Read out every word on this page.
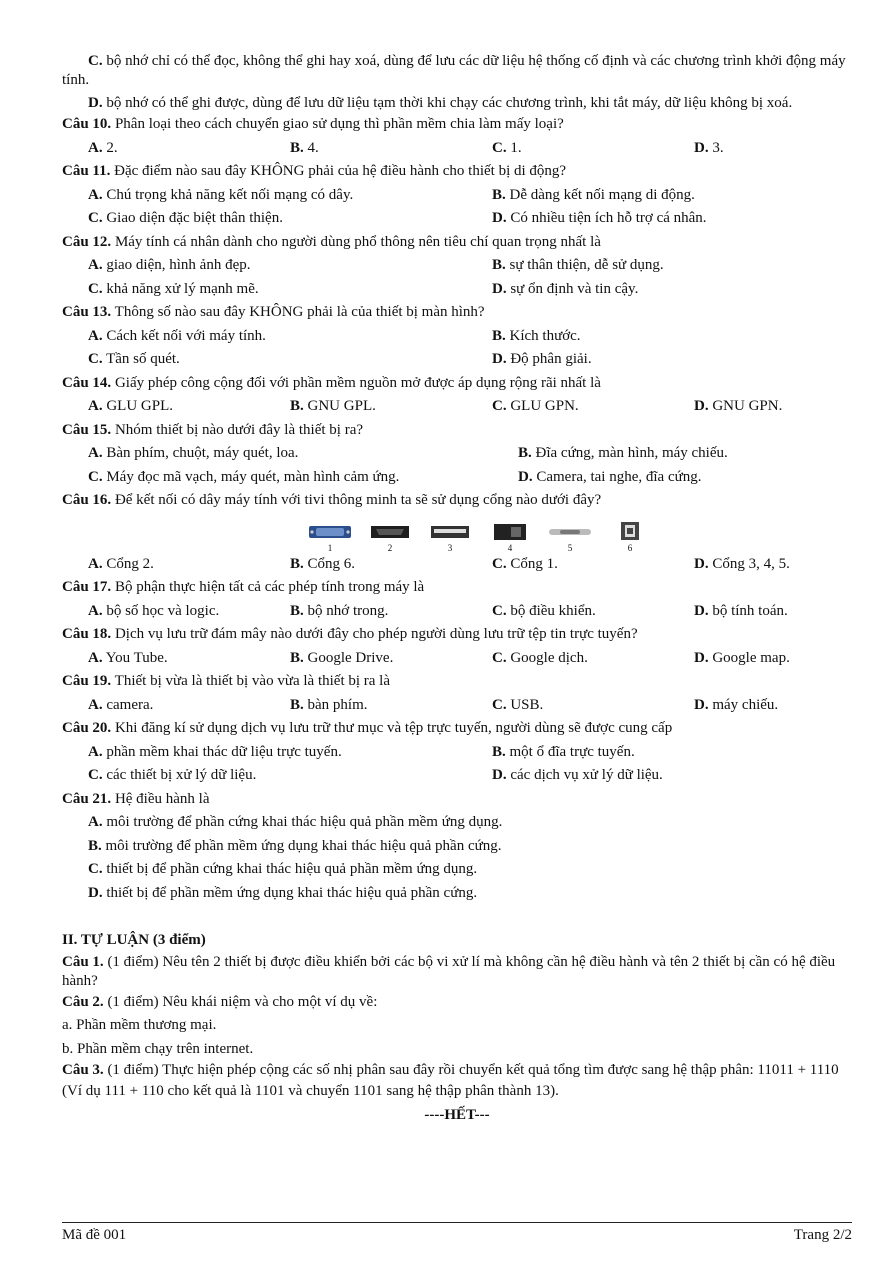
C. bộ nhớ chỉ có thể đọc, không thể ghi hay xoá, dùng để lưu các dữ liệu hệ thống cố định và các chương trình khởi động máy tính.
D. bộ nhớ có thể ghi được, dùng để lưu dữ liệu tạm thời khi chạy các chương trình, khi tắt máy, dữ liệu không bị xoá.
Câu 10. Phân loại theo cách chuyển giao sử dụng thì phần mềm chia làm mấy loại?
A. 2.	B. 4.	C. 1.	D. 3.
Câu 11. Đặc điểm nào sau đây KHÔNG phải của hệ điều hành cho thiết bị di động?
A. Chú trọng khả năng kết nối mạng có dây.	B. Dễ dàng kết nối mạng di động.
C. Giao diện đặc biệt thân thiện.	D. Có nhiều tiện ích hỗ trợ cá nhân.
Câu 12. Máy tính cá nhân dành cho người dùng phổ thông nên tiêu chí quan trọng nhất là
A. giao diện, hình ảnh đẹp.	B. sự thân thiện, dễ sử dụng.
C. khả năng xử lý mạnh mẽ.	D. sự ổn định và tin cậy.
Câu 13. Thông số nào sau đây KHÔNG phải là của thiết bị màn hình?
A. Cách kết nối với máy tính.	B. Kích thước.
C. Tần số quét.	D. Độ phân giải.
Câu 14. Giấy phép công cộng đối với phần mềm nguồn mở được áp dụng rộng rãi nhất là
A. GLU GPL.	B. GNU GPL.	C. GLU GPN.	D. GNU GPN.
Câu 15. Nhóm thiết bị nào dưới đây là thiết bị ra?
A. Bàn phím, chuột, máy quét, loa.	B. Đĩa cứng, màn hình, máy chiếu.
C. Máy đọc mã vạch, máy quét, màn hình cảm ứng.	D. Camera, tai nghe, đĩa cứng.
Câu 16. Để kết nối có dây máy tính với tivi thông minh ta sẽ sử dụng cổng nào dưới đây?
1	2	3	4	5	6
A. Cổng 2.	B. Cổng 6.	C. Cổng 1.	D. Cổng 3, 4, 5.
Câu 17. Bộ phận thực hiện tất cả các phép tính trong máy là
A. bộ số học và logic.	B. bộ nhớ trong.	C. bộ điều khiển.	D. bộ tính toán.
Câu 18. Dịch vụ lưu trữ đám mây nào dưới đây cho phép người dùng lưu trữ tệp tin trực tuyến?
A. You Tube.	B. Google Drive.	C. Google dịch.	D. Google map.
Câu 19. Thiết bị vừa là thiết bị vào vừa là thiết bị ra là
A. camera.	B. bàn phím.	C. USB.	D. máy chiếu.
Câu 20. Khi đăng kí sử dụng dịch vụ lưu trữ thư mục và tệp trực tuyến, người dùng sẽ được cung cấp
A. phần mềm khai thác dữ liệu trực tuyến.	B. một ổ đĩa trực tuyến.
C. các thiết bị xử lý dữ liệu.	D. các dịch vụ xử lý dữ liệu.
Câu 21. Hệ điều hành là
A. môi trường để phần cứng khai thác hiệu quả phần mềm ứng dụng.
B. môi trường để phần mềm ứng dụng khai thác hiệu quả phần cứng.
C. thiết bị để phần cứng khai thác hiệu quả phần mềm ứng dụng.
D. thiết bị để phần mềm ứng dụng khai thác hiệu quả phần cứng.
II. TỰ LUẬN (3 điểm)
Câu 1. (1 điểm) Nêu tên 2 thiết bị được điều khiển bởi các bộ vi xử lí mà không cần hệ điều hành và tên 2 thiết bị cần có hệ điều hành?
Câu 2. (1 điểm) Nêu khái niệm và cho một ví dụ về:
a. Phần mềm thương mại.
b. Phần mềm chạy trên internet.
Câu 3. (1 điểm) Thực hiện phép cộng các số nhị phân sau đây rồi chuyển kết quả tổng tìm được sang hệ thập phân: 11011 + 1110
(Ví dụ 111 + 110 cho kết quả là 1101 và chuyển 1101 sang hệ thập phân thành 13).
----HẾT---
Mã đề 001	Trang 2/2
